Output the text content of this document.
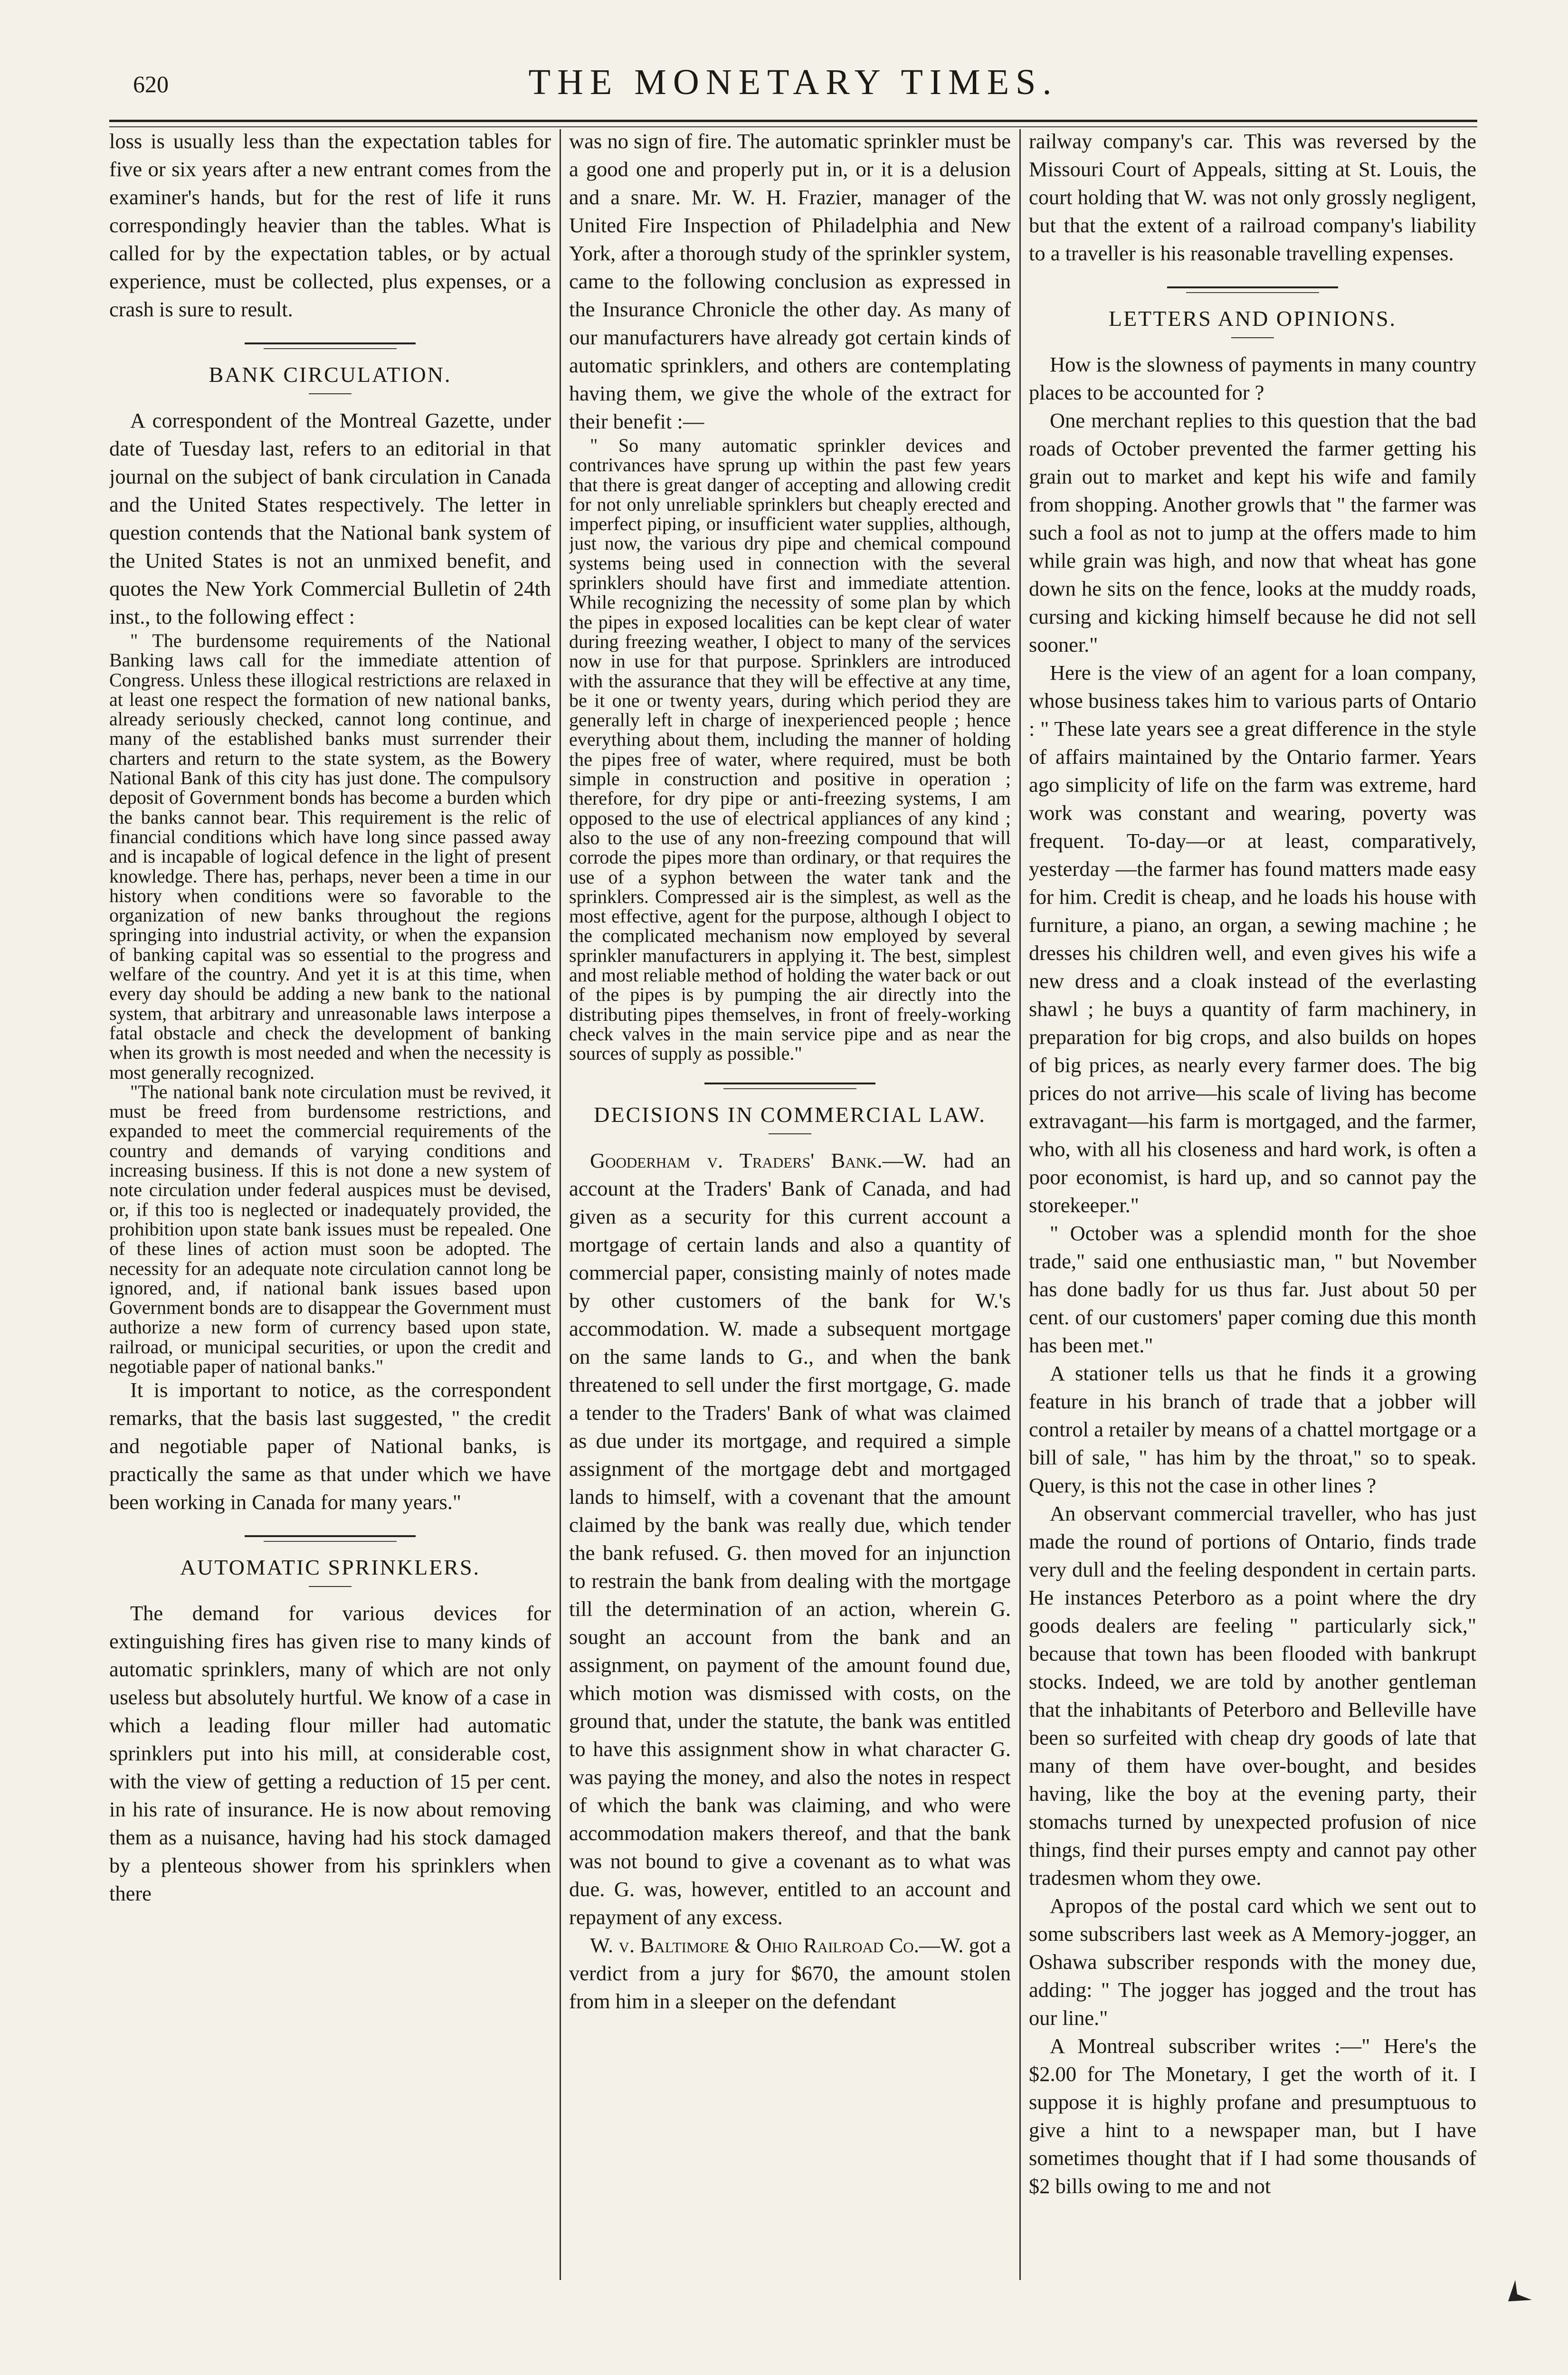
620	THE MONETARY TIMES.

loss is usually less than the expectation tables for five or six years after a new entrant comes from the examiner's hands, but for the rest of life it runs correspondingly heavier than the tables. What is called for by the expectation tables, or by actual experience, must be collected, plus expenses, or a crash is sure to result.

BANK CIRCULATION.

A correspondent of the Montreal Gazette, under date of Tuesday last, refers to an editorial in that journal on the subject of bank circulation in Canada and the United States respectively. The letter in question contends that the National bank system of the United States is not an unmixed benefit, and quotes the New York Commercial Bulletin of 24th inst., to the following effect :

" The burdensome requirements of the National Banking laws call for the immediate attention of Congress. Unless these illogical restrictions are relaxed in at least one respect the formation of new national banks, already seriously checked, cannot long continue, and many of the established banks must surrender their charters and return to the state system, as the Bowery National Bank of this city has just done. The compulsory deposit of Government bonds has become a burden which the banks cannot bear. This requirement is the relic of financial conditions which have long since passed away and is incapable of logical defence in the light of present knowledge. There has, perhaps, never been a time in our history when conditions were so favorable to the organization of new banks throughout the regions springing into industrial activity, or when the expansion of banking capital was so essential to the progress and welfare of the country. And yet it is at this time, when every day should be adding a new bank to the national system, that arbitrary and unreasonable laws interpose a fatal obstacle and check the development of banking when its growth is most needed and when the necessity is most generally recognized.

"The national bank note circulation must be revived, it must be freed from burdensome restrictions, and expanded to meet the commercial requirements of the country and demands of varying conditions and increasing business. If this is not done a new system of note circulation under federal auspices must be devised, or, if this too is neglected or inadequately provided, the prohibition upon state bank issues must be repealed. One of these lines of action must soon be adopted. The necessity for an adequate note circulation cannot long be ignored, and, if national bank issues based upon Government bonds are to disappear the Government must authorize a new form of currency based upon state, railroad, or municipal securities, or upon the credit and negotiable paper of national banks."

It is important to notice, as the correspondent remarks, that the basis last suggested, " the credit and negotiable paper of National banks, is practically the same as that under which we have been working in Canada for many years."

AUTOMATIC SPRINKLERS.

The demand for various devices for extinguishing fires has given rise to many kinds of automatic sprinklers, many of which are not only useless but absolutely hurtful. We know of a case in which a leading flour miller had automatic sprinklers put into his mill, at considerable cost, with the view of getting a reduction of 15 per cent. in his rate of insurance. He is now about removing them as a nuisance, having had his stock damaged by a plenteous shower from his sprinklers when there

was no sign of fire. The automatic sprinkler must be a good one and properly put in, or it is a delusion and a snare. Mr. W. H. Frazier, manager of the United Fire Inspection of Philadelphia and New York, after a thorough study of the sprinkler system, came to the following conclusion as expressed in the Insurance Chronicle the other day. As many of our manufacturers have already got certain kinds of automatic sprinklers, and others are contemplating having them, we give the whole of the extract for their benefit :—

" So many automatic sprinkler devices and contrivances have sprung up within the past few years that there is great danger of accepting and allowing credit for not only unreliable sprinklers but cheaply erected and imperfect piping, or insufficient water supplies, although, just now, the various dry pipe and chemical compound systems being used in connection with the several sprinklers should have first and immediate attention. While recognizing the necessity of some plan by which the pipes in exposed localities can be kept clear of water during freezing weather, I object to many of the services now in use for that purpose. Sprinklers are introduced with the assurance that they will be effective at any time, be it one or twenty years, during which period they are generally left in charge of inexperienced people ; hence everything about them, including the manner of holding the pipes free of water, where required, must be both simple in construction and positive in operation ; therefore, for dry pipe or anti-freezing systems, I am opposed to the use of electrical appliances of any kind ; also to the use of any non-freezing compound that will corrode the pipes more than ordinary, or that requires the use of a syphon between the water tank and the sprinklers. Compressed air is the simplest, as well as the most effective, agent for the purpose, although I object to the complicated mechanism now employed by several sprinkler manufacturers in applying it. The best, simplest and most reliable method of holding the water back or out of the pipes is by pumping the air directly into the distributing pipes themselves, in front of freely-working check valves in the main service pipe and as near the sources of supply as possible."

DECISIONS IN COMMERCIAL LAW.

Gooderham v. Traders' Bank.—W. had an account at the Traders' Bank of Canada, and had given as a security for this current account a mortgage of certain lands and also a quantity of commercial paper, consisting mainly of notes made by other customers of the bank for W.'s accommodation. W. made a subsequent mortgage on the same lands to G., and when the bank threatened to sell under the first mortgage, G. made a tender to the Traders' Bank of what was claimed as due under its mortgage, and required a simple assignment of the mortgage debt and mortgaged lands to himself, with a covenant that the amount claimed by the bank was really due, which tender the bank refused. G. then moved for an injunction to restrain the bank from dealing with the mortgage till the determination of an action, wherein G. sought an account from the bank and an assignment, on payment of the amount found due, which motion was dismissed with costs, on the ground that, under the statute, the bank was entitled to have this assignment show in what character G. was paying the money, and also the notes in respect of which the bank was claiming, and who were accommodation makers thereof, and that the bank was not bound to give a covenant as to what was due. G. was, however, entitled to an account and repayment of any excess.

W. v. Baltimore & Ohio Railroad Co.—W. got a verdict from a jury for $670, the amount stolen from him in a sleeper on the defendant

railway company's car. This was reversed by the Missouri Court of Appeals, sitting at St. Louis, the court holding that W. was not only grossly negligent, but that the extent of a railroad company's liability to a traveller is his reasonable travelling expenses.

LETTERS AND OPINIONS.

How is the slowness of payments in many country places to be accounted for ?

One merchant replies to this question that the bad roads of October prevented the farmer getting his grain out to market and kept his wife and family from shopping. Another growls that " the farmer was such a fool as not to jump at the offers made to him while grain was high, and now that wheat has gone down he sits on the fence, looks at the muddy roads, cursing and kicking himself because he did not sell sooner."

Here is the view of an agent for a loan company, whose business takes him to various parts of Ontario : " These late years see a great difference in the style of affairs maintained by the Ontario farmer. Years ago simplicity of life on the farm was extreme, hard work was constant and wearing, poverty was frequent. To-day—or at least, comparatively, yesterday —the farmer has found matters made easy for him. Credit is cheap, and he loads his house with furniture, a piano, an organ, a sewing machine ; he dresses his children well, and even gives his wife a new dress and a cloak instead of the everlasting shawl ; he buys a quantity of farm machinery, in preparation for big crops, and also builds on hopes of big prices, as nearly every farmer does. The big prices do not arrive—his scale of living has become extravagant—his farm is mortgaged, and the farmer, who, with all his closeness and hard work, is often a poor economist, is hard up, and so cannot pay the storekeeper."

" October was a splendid month for the shoe trade," said one enthusiastic man, " but November has done badly for us thus far. Just about 50 per cent. of our customers' paper coming due this month has been met."

A stationer tells us that he finds it a growing feature in his branch of trade that a jobber will control a retailer by means of a chattel mortgage or a bill of sale, " has him by the throat," so to speak. Query, is this not the case in other lines ?

An observant commercial traveller, who has just made the round of portions of Ontario, finds trade very dull and the feeling despondent in certain parts. He instances Peterboro as a point where the dry goods dealers are feeling " particularly sick," because that town has been flooded with bankrupt stocks. Indeed, we are told by another gentleman that the inhabitants of Peterboro and Belleville have been so surfeited with cheap dry goods of late that many of them have over-bought, and besides having, like the boy at the evening party, their stomachs turned by unexpected profusion of nice things, find their purses empty and cannot pay other tradesmen whom they owe.

Apropos of the postal card which we sent out to some subscribers last week as A Memory-jogger, an Oshawa subscriber responds with the money due, adding: " The jogger has jogged and the trout has our line."

A Montreal subscriber writes :—" Here's the $2.00 for The Monetary, I get the worth of it. I suppose it is highly profane and presumptuous to give a hint to a newspaper man, but I have sometimes thought that if I had some thousands of $2 bills owing to me and not
